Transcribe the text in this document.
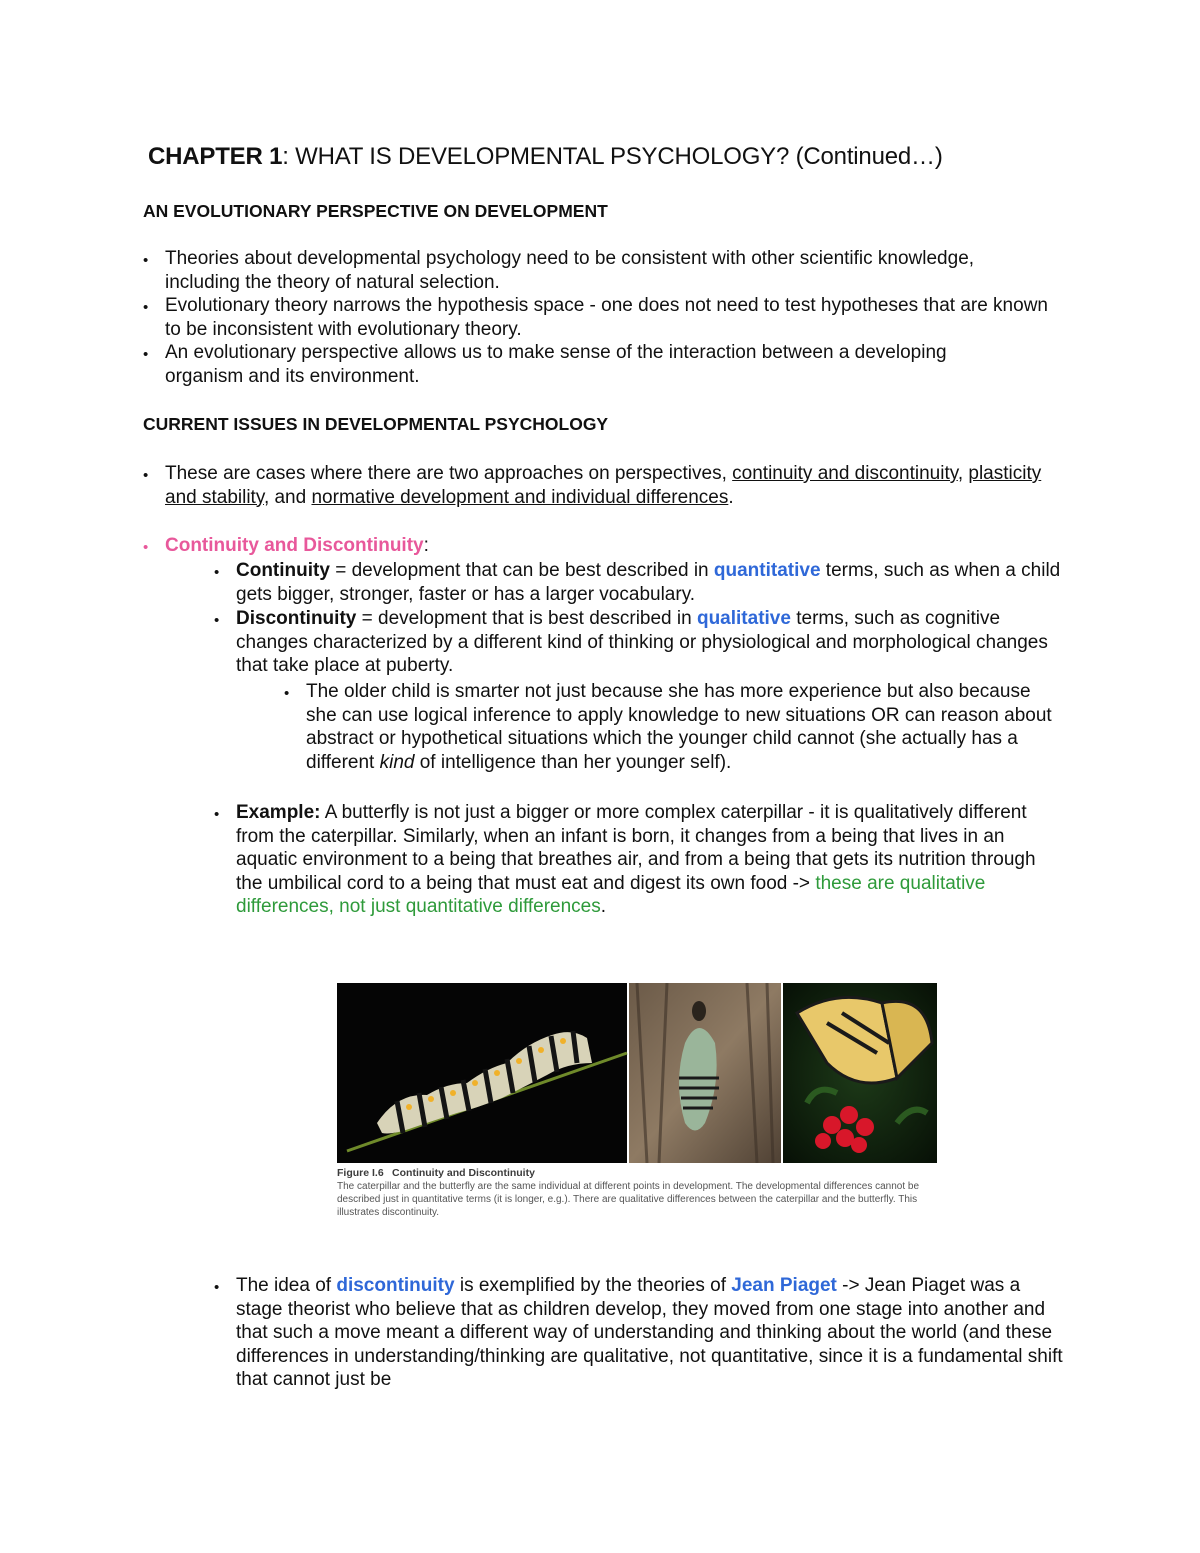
CHAPTER 1: WHAT IS DEVELOPMENTAL PSYCHOLOGY? (Continued…)
AN EVOLUTIONARY PERSPECTIVE ON DEVELOPMENT
• Theories about developmental psychology need to be consistent with other scientific knowledge, including the theory of natural selection.
• Evolutionary theory narrows the hypothesis space - one does not need to test hypotheses that are known to be inconsistent with evolutionary theory.
• An evolutionary perspective allows us to make sense of the interaction between a developing organism and its environment.
CURRENT ISSUES IN DEVELOPMENTAL PSYCHOLOGY
• These are cases where there are two approaches on perspectives, continuity and discontinuity, plasticity and stability, and normative development and individual differences.
• Continuity and Discontinuity:
• Continuity = development that can be best described in quantitative terms, such as when a child gets bigger, stronger, faster or has a larger vocabulary.
• Discontinuity = development that is best described in qualitative terms, such as cognitive changes characterized by a different kind of thinking or physiological and morphological changes that take place at puberty.
• The older child is smarter not just because she has more experience but also because she can use logical inference to apply knowledge to new situations OR can reason about abstract or hypothetical situations which the younger child cannot (she actually has a different kind of intelligence than her younger self).
• Example: A butterfly is not just a bigger or more complex caterpillar - it is qualitatively different from the caterpillar. Similarly, when an infant is born, it changes from a being that lives in an aquatic environment to a being that breathes air, and from a being that gets its nutrition through the umbilical cord to a being that must eat and digest its own food -> these are qualitative differences, not just quantitative differences.
Figure I.6 Continuity and Discontinuity
The caterpillar and the butterfly are the same individual at different points in development. The developmental differences cannot be described just in quantitative terms (it is longer, e.g.). There are qualitative differences between the caterpillar and the butterfly. This illustrates discontinuity.
• The idea of discontinuity is exemplified by the theories of Jean Piaget -> Jean Piaget was a stage theorist who believe that as children develop, they moved from one stage into another and that such a move meant a different way of understanding and thinking about the world (and these differences in understanding/thinking are qualitative, not quantitative, since it is a fundamental shift that cannot just be
